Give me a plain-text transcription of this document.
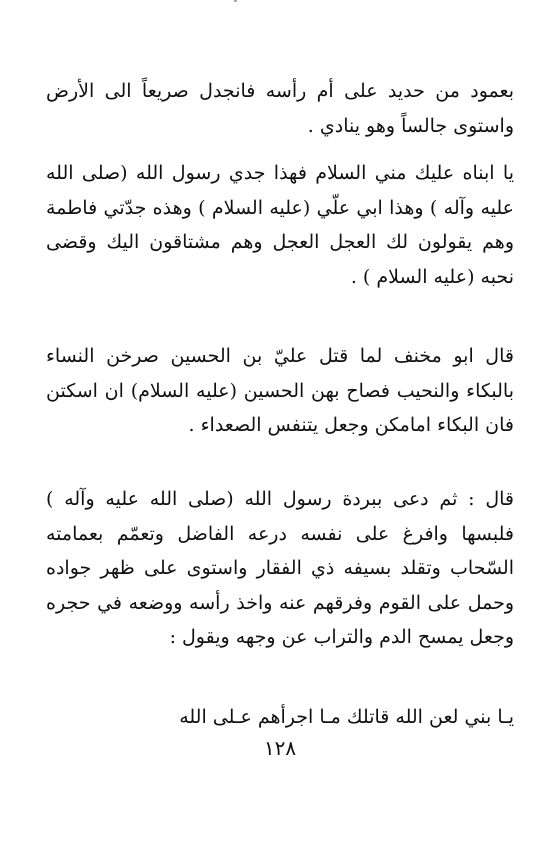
بعمود من حديد على أم رأسه فانجدل صريعاً الى الأرض واستوى جالساً وهو ينادي .

يا ابناه عليك مني السلام فهذا جدي رسول الله (صلى الله عليه وآله ) وهذا ابي علّي (عليه السلام ) وهذه جدّتي فاطمة وهم يقولون لك العجل العجل وهم مشتاقون اليك وقضى نحبه (عليه السلام ) .

قال ابو مخنف لما قتل عليّ بن الحسين صرخن النساء بالبكاء والنحيب فصاح بهن الحسين (عليه السلام) ان اسكتن فان البكاء امامكن وجعل يتنفس الصعداء .

قال : ثم دعى ببردة رسول الله (صلى الله عليه وآله ) فلبسها وافرغ على نفسه درعه الفاضل وتعمّم بعمامته السّحاب وتقلد بسيفه ذي الفقار واستوى على ظهر جواده وحمل على القوم وفرقهم عنه واخذ رأسه ووضعه في حجره وجعل يمسح الدم والتراب عن وجهه ويقول :

يـا بني لعن الله قاتلك مـا اجرأهم عـلى الله

١٢٨
